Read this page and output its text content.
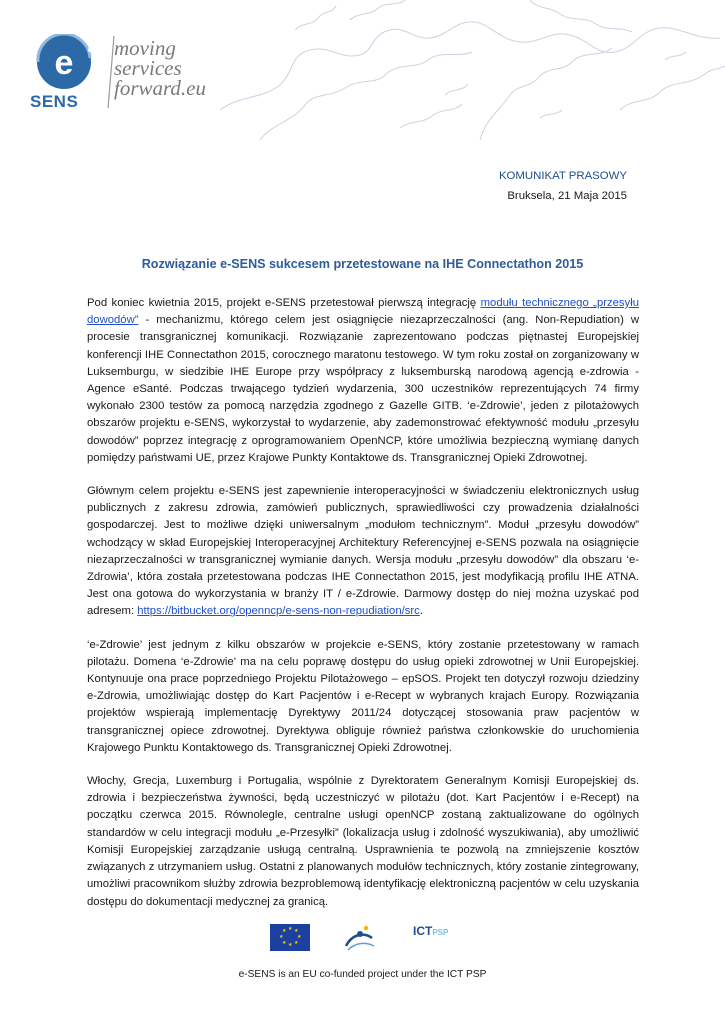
e
SENS
moving
services
forward.eu
KOMUNIKAT PRASOWY
Bruksela, 21 Maja 2015
Rozwiązanie e-SENS sukcesem przetestowane na IHE Connectathon 2015

Pod koniec kwietnia 2015, projekt e-SENS przetestował pierwszą integrację modułu technicznego „przesyłu dowodów” - mechanizmu, którego celem jest osiągnięcie niezaprzeczalności (ang. Non-Repudiation) w procesie transgranicznej komunikacji. Rozwiązanie zaprezentowano podczas piętnastej Europejskiej konferencji IHE Connectathon 2015, corocznego maratonu testowego. W tym roku został on zorganizowany w Luksemburgu, w siedzibie IHE Europe przy współpracy z luksemburską narodową agencją e-zdrowia - Agence eSanté. Podczas trwającego tydzień wydarzenia, 300 uczestników reprezentujących 74 firmy wykonało 2300 testów za pomocą narzędzia zgodnego z Gazelle GITB. ‘e-Zdrowie’, jeden z pilotażowych obszarów projektu e-SENS, wykorzystał to wydarzenie, aby zademonstrować efektywność modułu „przesyłu dowodów” poprzez integrację z oprogramowaniem OpenNCP, które umożliwia bezpieczną wymianę danych pomiędzy państwami UE, przez Krajowe Punkty Kontaktowe ds. Transgranicznej Opieki Zdrowotnej.

Głównym celem projektu e-SENS jest zapewnienie interoperacyjności w świadczeniu elektronicznych usług publicznych z zakresu zdrowia, zamówień publicznych, sprawiedliwości czy prowadzenia działalności gospodarczej. Jest to możliwe dzięki uniwersalnym „modułom technicznym”. Moduł „przesyłu dowodów” wchodzący w skład Europejskiej Interoperacyjnej Architektury Referencyjnej e-SENS pozwala na osiągnięcie niezaprzeczalności w transgranicznej wymianie danych. Wersja modułu „przesyłu dowodów” dla obszaru ‘e-Zdrowia’, która została przetestowana podczas IHE Connectathon 2015, jest modyfikacją profilu IHE ATNA. Jest ona gotowa do wykorzystania w branży IT / e-Zdrowie. Darmowy dostęp do niej można uzyskać pod adresem: https://bitbucket.org/openncp/e-sens-non-repudiation/src.

‘e-Zdrowie’ jest jednym z kilku obszarów w projekcie e-SENS, który zostanie przetestowany w ramach pilotażu. Domena ‘e-Zdrowie’ ma na celu poprawę dostępu do usług opieki zdrowotnej w Unii Europejskiej. Kontynuuje ona prace poprzedniego Projektu Pilotażowego – epSOS. Projekt ten dotyczył rozwoju dziedziny e-Zdrowia, umożliwiając dostęp do Kart Pacjentów i e-Recept w wybranych krajach Europy. Rozwiązania projektów wspierają implementację Dyrektywy 2011/24 dotyczącej stosowania praw pacjentów w transgranicznej opiece zdrowotnej. Dyrektywa obliguje również państwa członkowskie do uruchomienia Krajowego Punktu Kontaktowego ds. Transgranicznej Opieki Zdrowotnej.

Włochy, Grecja, Luxemburg i Portugalia, wspólnie z Dyrektoratem Generalnym Komisji Europejskiej ds. zdrowia i bezpieczeństwa żywności, będą uczestniczyć w pilotażu (dot. Kart Pacjentów i e-Recept) na początku czerwca 2015. Równolegle, centralne usługi openNCP zostaną zaktualizowane do ogólnych standardów w celu integracji modułu „e-Przesyłki” (lokalizacja usług i zdolność wyszukiwania), aby umożliwić Komisji Europejskiej zarządzanie usługą centralną. Usprawnienia te pozwolą na zmniejszenie kosztów związanych z utrzymaniem usług. Ostatni z planowanych modułów technicznych, który zostanie zintegrowany, umożliwi pracownikom służby zdrowia bezproblemową identyfikację elektroniczną pacjentów w celu uzyskania dostępu do dokumentacji medycznej za granicą.

★ ★
★
★
★
★
★
★	ICTPSP
e-SENS is an EU co-funded project under the ICT PSP
